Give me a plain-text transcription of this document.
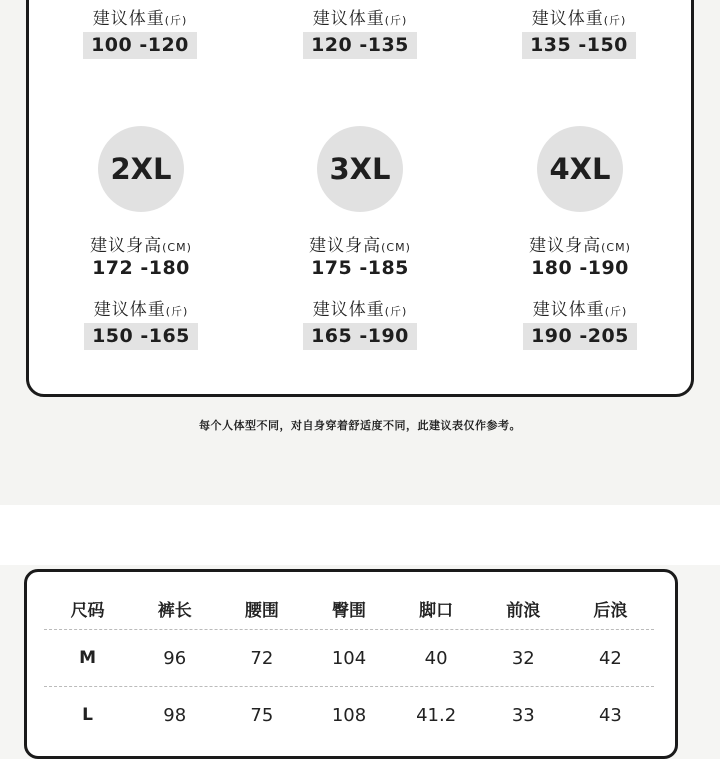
建议体重(斤)
100 -120
建议体重(斤)
120 -135
建议体重(斤)
135 -150
2XL
建议身高(CM)
172 -180
建议体重(斤)
150 -165
3XL
建议身高(CM)
175 -185
建议体重(斤)
165 -190
4XL
建议身高(CM)
180 -190
建议体重(斤)
190 -205
每个人体型不同，对自身穿着舒适度不同，此建议表仅作参考。
尺码	裤长	腰围	臀围	脚口	前浪	后浪
M	96	72	104	40	32	42
L	98	75	108	41.2	33	43
